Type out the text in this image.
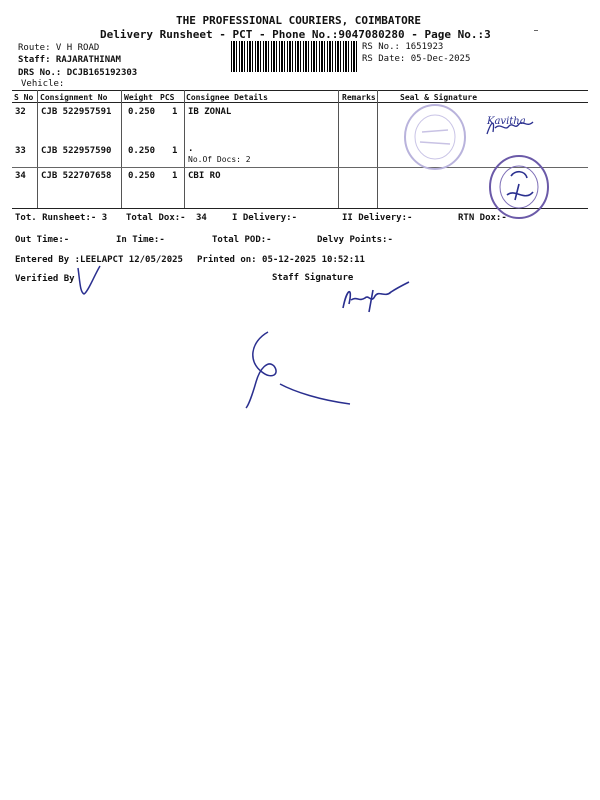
THE PROFESSIONAL COURIERS, COIMBATORE
Delivery Runsheet - PCT - Phone No.:9047080280 - Page No.:3
Route: V H ROAD
Staff: RAJARATHINAM
DRS No.: DCJB165192303
Vehicle:
RS No.: 1651923
RS Date: 05-Dec-2025
S No Consignment No Weight PCS Consignee Details	Remarks	Seal & Signature
32 CJB 522957591 0.250 1 IB ZONAL
33 CJB 522957590 0.250 1 .
No.Of Docs: 2
34 CJB 522707658 0.250 1 CBI RO
Kavitha
Tot. Runsheet:- 3 Total Dox:- 34	I Delivery:-	II Delivery:-	RTN Dox:-
Out Time:-	In Time:-	Total POD:-	Delvy Points:-
Entered By :LEELAPCT 12/05/2025 Printed on: 05-12-2025 10:52:11
Verified By	Staff Signature
